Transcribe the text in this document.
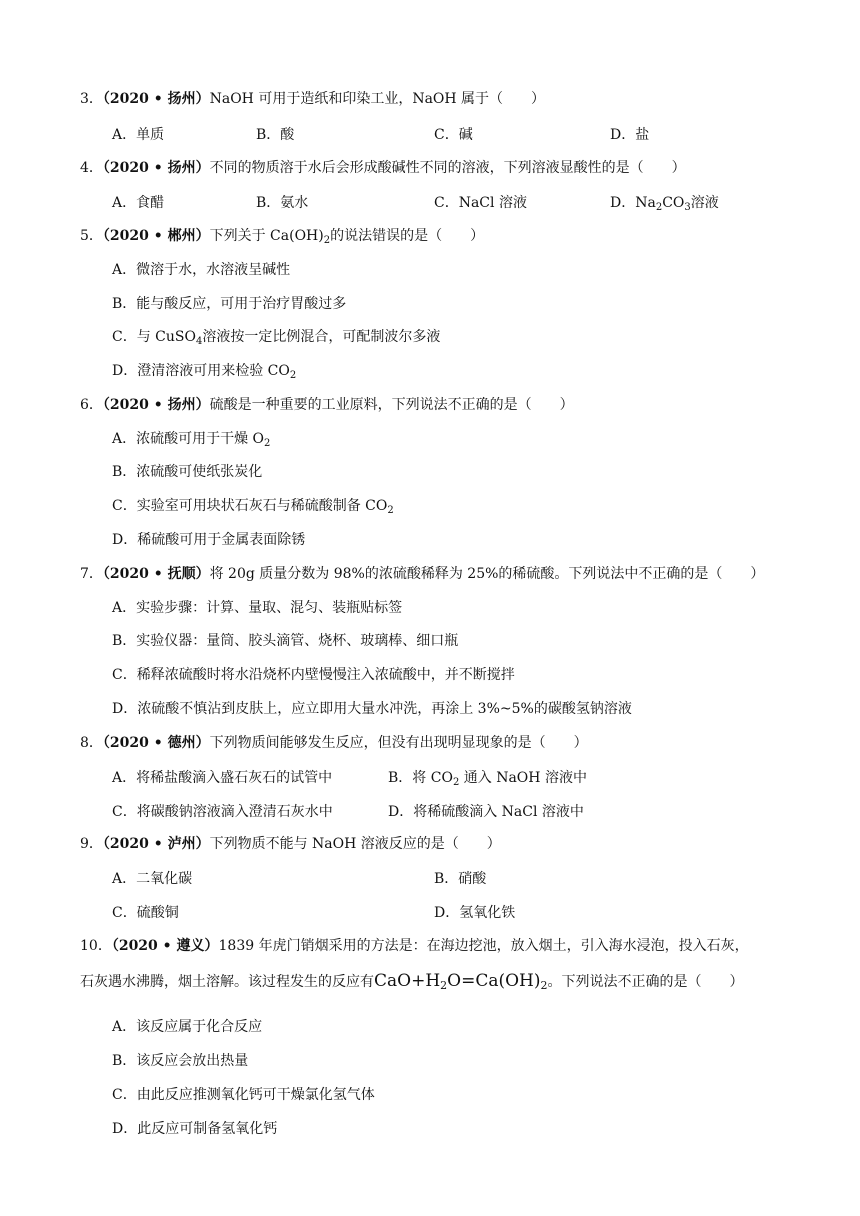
3．（2020 • 扬州）NaOH 可用于造纸和印染工业，NaOH 属于（　　）
A．单质	B．酸	C．碱	D．盐
4．（2020 • 扬州）不同的物质溶于水后会形成酸碱性不同的溶液，下列溶液显酸性的是（　　）
A．食醋	B．氨水	C．NaCl 溶液	D．$Na_2CO_3$溶液
5．（2020 • 郴州）下列关于 $Ca(OH)_2$的说法错误的是（　　）
A．微溶于水，水溶液呈碱性
B．能与酸反应，可用于治疗胃酸过多
C．与 CuSO$_4$溶液按一定比例混合，可配制波尔多液
D．澄清溶液可用来检验 $CO_2$
6．（2020 • 扬州）硫酸是一种重要的工业原料，下列说法不正确的是（　　）
A．浓硫酸可用于干燥 $O_2$
B．浓硫酸可使纸张炭化
C．实验室可用块状石灰石与稀硫酸制备 $CO_2$
D．稀硫酸可用于金属表面除锈
7．（2020 • 抚顺）将 20g 质量分数为 98%的浓硫酸稀释为 25%的稀硫酸。下列说法中不正确的是（　　）
A．实验步骤：计算、量取、混匀、装瓶贴标签
B．实验仪器：量筒、胶头滴管、烧杯、玻璃棒、细口瓶
C．稀释浓硫酸时将水沿烧杯内壁慢慢注入浓硫酸中，并不断搅拌
D．浓硫酸不慎沾到皮肤上，应立即用大量水冲洗，再涂上 3%~5%的碳酸氢钠溶液
8．（2020 • 德州）下列物质间能够发生反应，但没有出现明显现象的是（　　）
A．将稀盐酸滴入盛石灰石的试管中	B．将 $CO_2$ 通入 NaOH 溶液中
C．将碳酸钠溶液滴入澄清石灰水中	D．将稀硫酸滴入 NaCl 溶液中
9．（2020 • 泸州）下列物质不能与 NaOH 溶液反应的是（　　）
A．二氧化碳	B．硝酸
C．硫酸铜	D．氢氧化铁
10．（2020 • 遵义）1839 年虎门销烟采用的方法是：在海边挖池，放入烟土，引入海水浸泡，投入石灰，
石灰遇水沸腾，烟土溶解。该过程发生的反应有$CaO+H_2O=Ca(OH)_2$。下列说法不正确的是（　　）
A．该反应属于化合反应
B．该反应会放出热量
C．由此反应推测氧化钙可干燥氯化氢气体
D．此反应可制备氢氧化钙
